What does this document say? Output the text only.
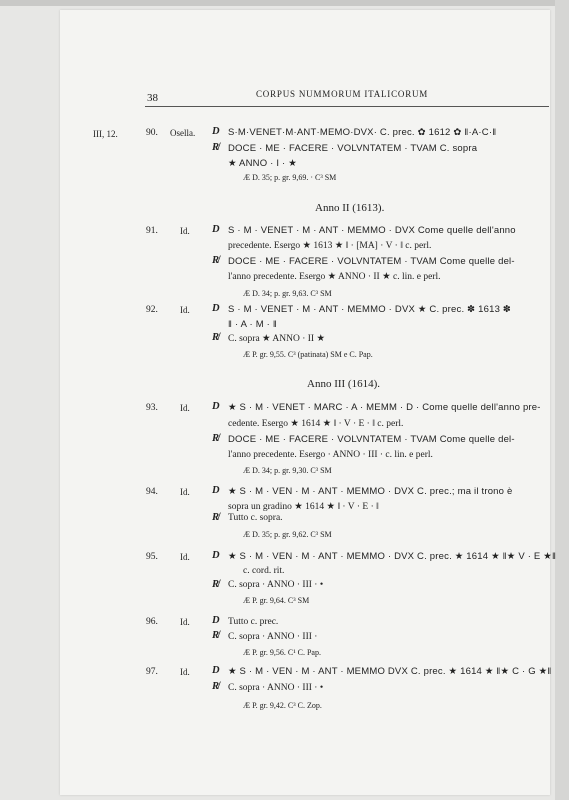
38	CORPUS NUMMORUM ITALICORUM
III, 12.	90. Osella. D S·M·VENET·M·ANT·MEMO·DVX· C. prec. ✿ 1612 ✿ ‖·A·C·‖
R̸ DOCE · ME · FACERE · VOLVNTATEM · TVAM C. sopra
★ ANNO · I · ★
Æ D. 35; p. gr. 9,69. · C³ SM
Anno II (1613).
91. Id. D S · M · VENET · M · ANT · MEMMO · DVX Come quelle dell'anno
precedente. Esergo ★ 1613 ★ ‖ · [MA] · V · ‖ c. perl.
R̸ DOCE · ME · FACERE · VOLVNTATEM · TVAM Come quelle del-
l'anno precedente. Esergo ★ ANNO · II ★ c. lin. e perl.
Æ D. 34; p. gr. 9,63. C³ SM
92. Id. D S · M · VENET · M · ANT · MEMMO · DVX ★ C. prec. ✽ 1613 ✽
‖ · A · M · ‖
R̸ C. sopra ★ ANNO · II ★
Æ P. gr. 9,55. C³ (patinata) SM e C. Pap.
Anno III (1614).
93. Id. D ★ S · M · VENET · MARC · A · MEMM · D · Come quelle dell'anno pre-
cedente. Esergo ★ 1614 ★ ‖ · V · E · ‖ c. perl.
R̸ DOCE · ME · FACERE · VOLVNTATEM · TVAM Come quelle del-
l'anno precedente. Esergo · ANNO · III · c. lin. e perl.
Æ D. 34; p. gr. 9,30. C³ SM
94. Id. D ★ S · M · VEN · M · ANT · MEMMO · DVX C. prec.; ma il trono è
sopra un gradino ★ 1614 ★ ‖ · V · E · ‖
R̸ Tutto c. sopra.
Æ D. 35; p. gr. 9,62. C³ SM
95. Id. D ★ S · M · VEN · M · ANT · MEMMO · DVX C. prec. ★ 1614 ★ ‖★ V · E ★‖
c. cord. rit.
R̸ C. sopra · ANNO · III · •
Æ P. gr. 9,64. C³ SM
96. Id. D Tutto c. prec.
R̸ C. sopra · ANNO · III ·
Æ P. gr. 9,56. C¹ C. Pap.
97. Id. D ★ S · M · VEN · M · ANT · MEMMO DVX C. prec. ★ 1614 ★ ‖★ C · G ★‖
R̸ C. sopra · ANNO · III · •
Æ P. gr. 9,42. C³ C. Zop.
